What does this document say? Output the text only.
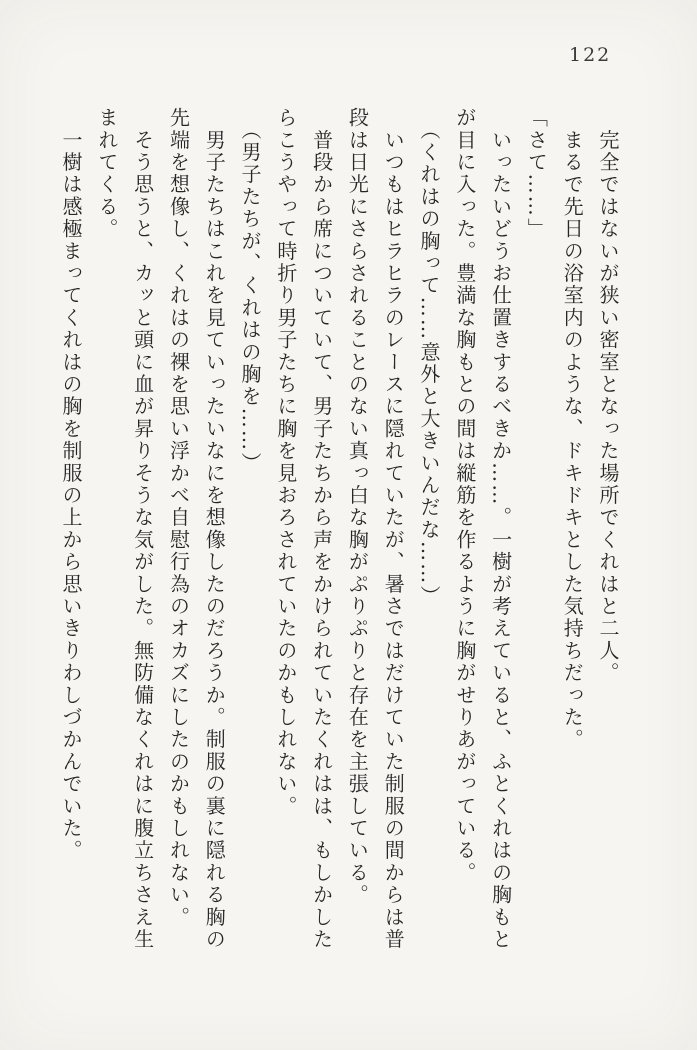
122
　完全ではないが狭い密室となった場所でくれはと二人。
　まるで先日の浴室内のような、ドキドキとした気持ちだった。
「さて……」
　いったいどうお仕置きするべきか……。一樹が考えていると、ふとくれはの胸もと
が目に入った。豊満な胸もとの間は縦筋を作るように胸がせりあがっている。
　（くれはの胸って……意外と大きいんだな……）
　いつもはヒラヒラのレースに隠れていたが、暑さではだけていた制服の間からは普
段は日光にさらされることのない真っ白な胸がぷりぷりと存在を主張している。
　普段から席についていて、男子たちから声をかけられていたくれはは、もしかした
らこうやって時折り男子たちに胸を見おろされていたのかもしれない。
　（男子たちが、くれはの胸を……）
　男子たちはこれを見ていったいなにを想像したのだろうか。制服の裏に隠れる胸の
先端を想像し、くれはの裸を思い浮かべ自慰行為のオカズにしたのかもしれない。
　そう思うと、カッと頭に血が昇りそうな気がした。無防備なくれはに腹立ちさえ生
まれてくる。
　一樹は感極まってくれはの胸を制服の上から思いきりわしづかんでいた。
